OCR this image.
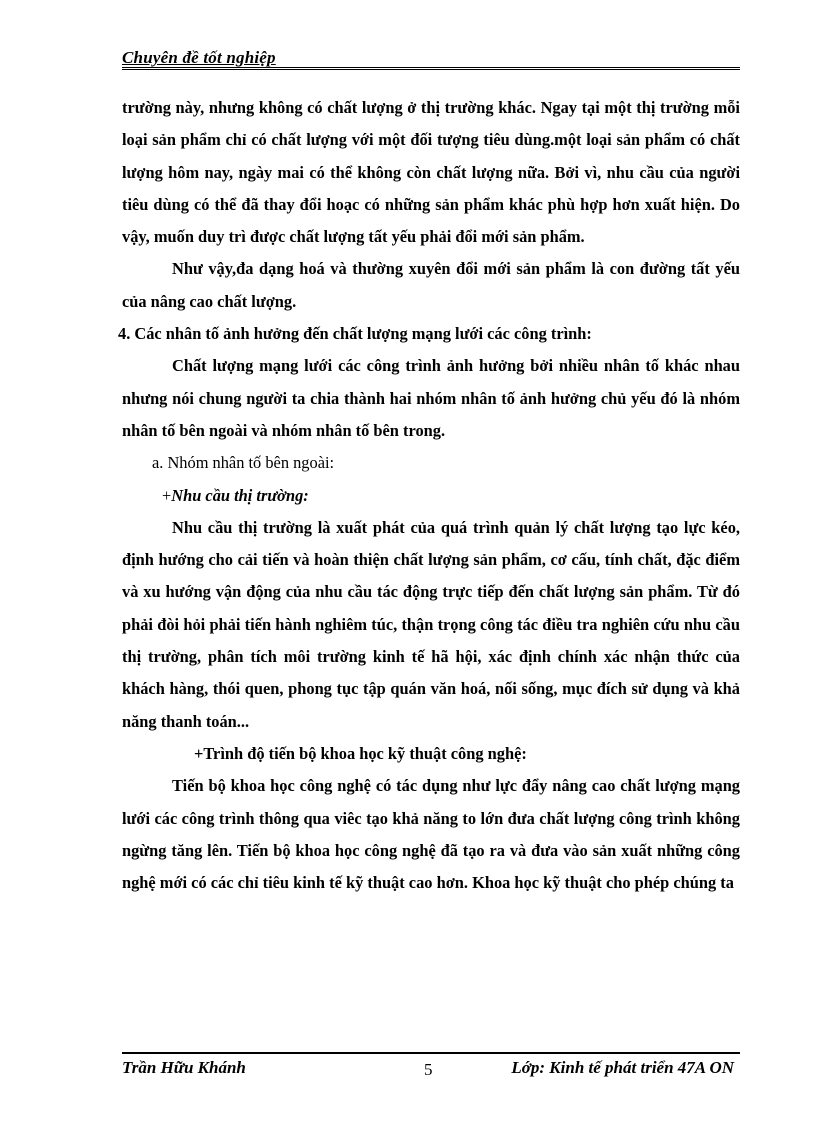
Chuyên đề tốt nghiệp

trường này, nhưng không có chất lượng ở thị trường khác. Ngay tại một thị trường mỗi loại sản phẩm chỉ có chất lượng với một đối tượng tiêu dùng.một loại sản phẩm có chất lượng hôm nay, ngày mai có thể không còn chất lượng nữa. Bởi vì, nhu cầu của người tiêu dùng có thể đã thay đổi hoạc có những sản phẩm khác phù hợp hơn xuất hiện. Do vậy, muốn duy trì được chất lượng tất yếu phải đổi mới sản phẩm.

Như vậy,đa dạng hoá và thường xuyên đổi mới sản phẩm là con đường tất yếu của nâng cao chất lượng.

4. Các nhân tố ảnh hưởng đến chất lượng mạng lưới các công trình:

Chất lượng mạng lưới các công trình ảnh hưởng bởi nhiều nhân tố khác nhau nhưng nói chung người ta chia thành hai nhóm nhân tố ảnh hưởng chủ yếu đó là nhóm nhân tố bên ngoài và nhóm nhân tố bên trong.

a. Nhóm nhân tố bên ngoài:

+Nhu cầu thị trường:

Nhu cầu thị trường là xuất phát của quá trình quản lý chất lượng tạo lực kéo, định hướng cho cải tiến và hoàn thiện chất lượng sản phẩm, cơ cấu, tính chất, đặc điểm và xu hướng vận động của nhu cầu tác động trực tiếp đến chất lượng sản phẩm. Từ đó phải đòi hỏi phải tiến hành nghiêm túc, thận trọng công tác điều tra nghiên cứu nhu cầu thị trường, phân tích môi trường kinh tế hã hội, xác định chính xác nhận thức của khách hàng, thói quen, phong tục tập quán văn hoá, nối sống, mục đích sử dụng và khả năng thanh toán...

+Trình độ tiến bộ khoa học kỹ thuật công nghệ:

Tiến bộ khoa học công nghệ có tác dụng như lực đẩy nâng cao chất lượng mạng lưới các công trình thông qua viêc tạo khả năng to lớn đưa chất lượng công trình không ngừng tăng lên. Tiến bộ khoa học công nghệ đã tạo ra và đưa vào sản xuất những công nghệ mới có các chỉ tiêu kinh tế kỹ thuật cao hơn. Khoa học kỹ thuật cho phép chúng ta

Trần Hữu Khánh	5	Lớp: Kinh tế phát triển 47A ON
